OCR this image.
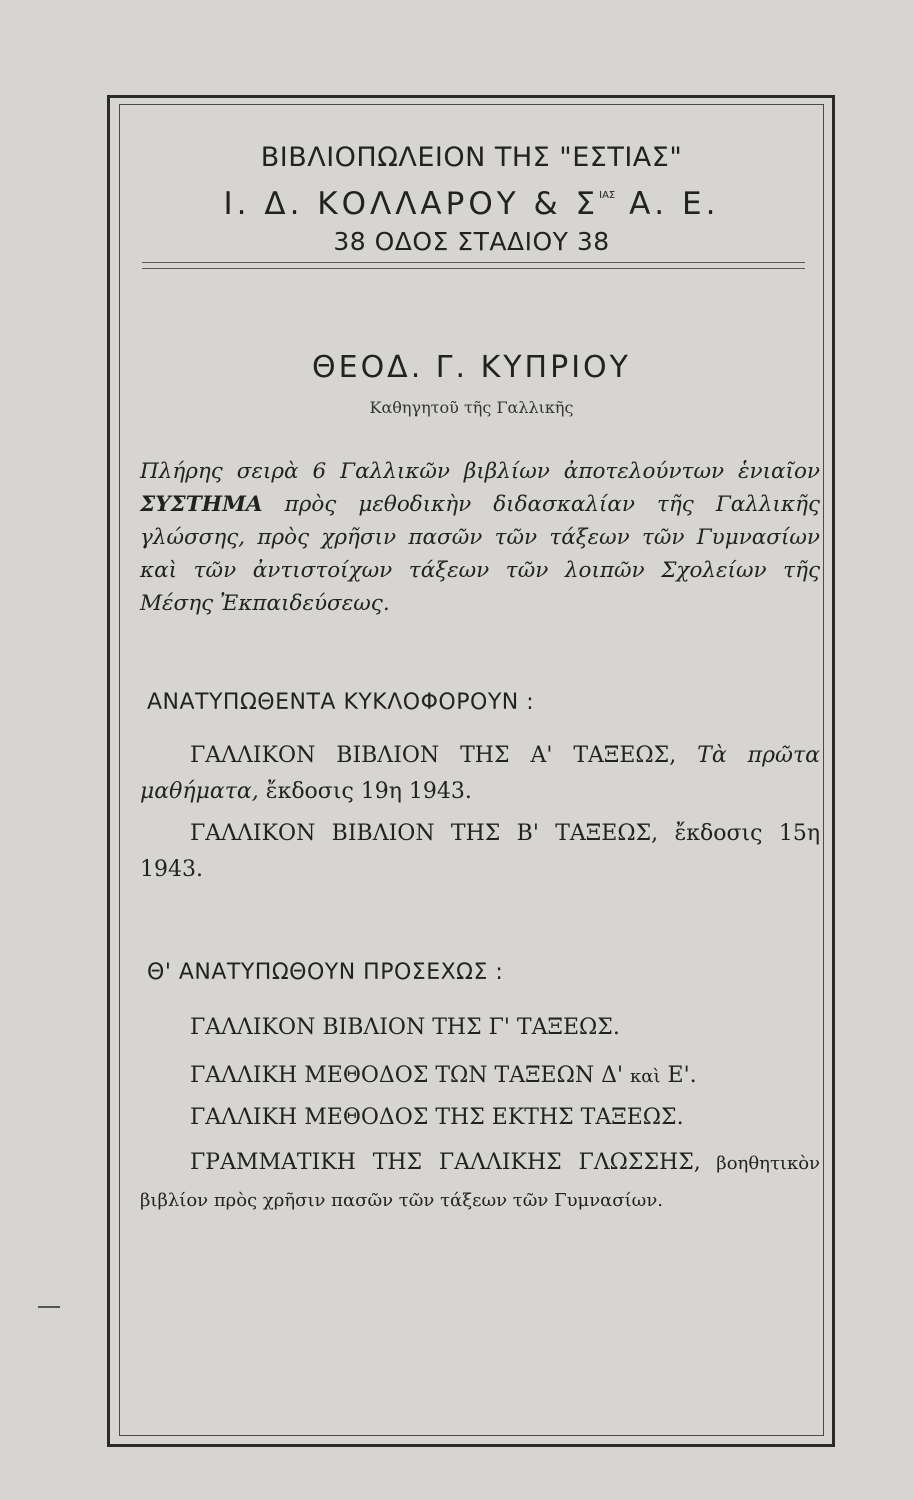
ΒΙΒΛΙΟΠΩΛΕΙΟΝ ΤΗΣ "ΕΣΤΙΑΣ"
Ι. Δ. ΚΟΛΛΑΡΟΥ & $\Sigma^{IA\Sigma}$ Α. Ε.
38 ΟΔΟΣ ΣΤΑΔΙΟΥ 38
ΘΕΟΔ. Γ. ΚΥΠΡΙΟΥ
Καθηγητοῦ τῆς Γαλλικῆς
Πλήρης σειρὰ 6 Γαλλικῶν βιβλίων ἀποτελούντων ἑνιαῖον ΣΥΣΤΗΜΑ πρὸς μεθοδικὴν διδασκαλίαν τῆς Γαλλικῆς γλώσσης, πρὸς χρῆσιν πασῶν τῶν τάξεων τῶν Γυμνασίων καὶ τῶν ἀντιστοίχων τάξεων τῶν λοιπῶν Σχολείων τῆς Μέσης Ἐκπαιδεύσεως.
ΑΝΑΤΥΠΩΘΕΝΤΑ ΚΥΚΛΟΦΟΡΟΥΝ :
ΓΑΛΛΙΚΟΝ ΒΙΒΛΙΟΝ ΤΗΣ Α' ΤΑΞΕΩΣ, Τὰ πρῶτα μαθήματα, ἔκδοσις 19η 1943.
ΓΑΛΛΙΚΟΝ ΒΙΒΛΙΟΝ ΤΗΣ Β' ΤΑΞΕΩΣ, ἔκδοσις 15η 1943.
Θ' ΑΝΑΤΥΠΩΘΟΥΝ ΠΡΟΣΕΧΩΣ :
ΓΑΛΛΙΚΟΝ ΒΙΒΛΙΟΝ ΤΗΣ Γ' ΤΑΞΕΩΣ.
ΓΑΛΛΙΚΗ ΜΕΘΟΔΟΣ ΤΩΝ ΤΑΞΕΩΝ Δ' καὶ Ε'.
ΓΑΛΛΙΚΗ ΜΕΘΟΔΟΣ ΤΗΣ ΕΚΤΗΣ ΤΑΞΕΩΣ.
ΓΡΑΜΜΑΤΙΚΗ ΤΗΣ ΓΑΛΛΙΚΗΣ ΓΛΩΣΣΗΣ, βοηθητικὸν βιβλίον πρὸς χρῆσιν πασῶν τῶν τάξεων τῶν Γυμνασίων.
